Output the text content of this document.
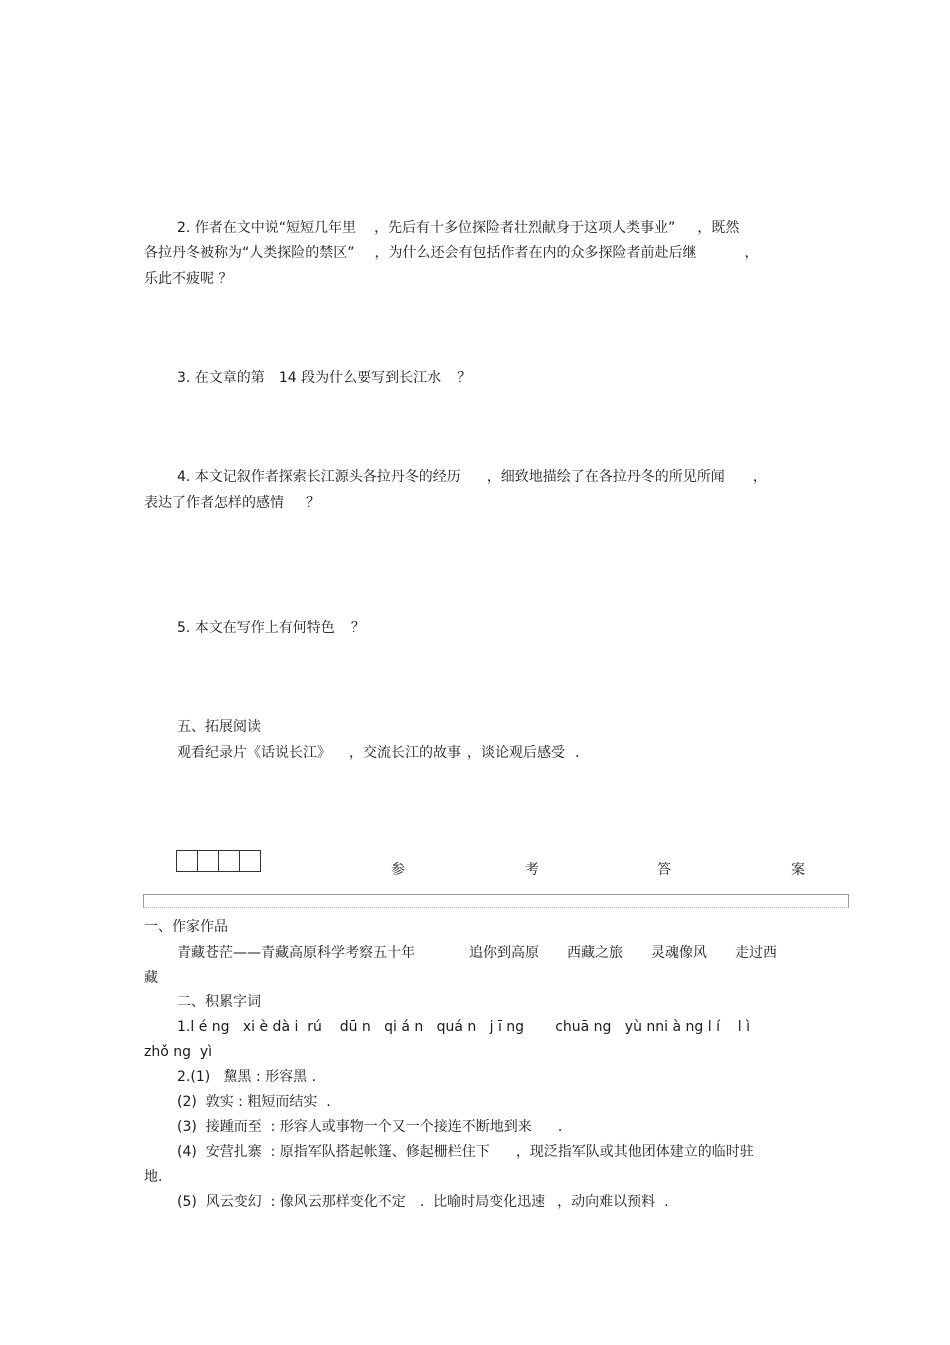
2. 作者在文中说“短短几年里 ，先后有十多位探险者壮烈献身于这项人类事业” ，既然

各拉丹冬被称为“人类探险的禁区” ，为什么还会有包括作者在内的众多探险者前赴后继	，

乐此不疲呢 ？

3. 在文章的第 14 段为什么要写到长江水 ？

4. 本文记叙作者探索长江源头各拉丹冬的经历 ，细致地描绘了在各拉丹冬的所见所闻 ，

表达了作者怎样的感情 ？

5. 本文在写作上有何特色 ？

五、拓展阅读

观看纪录片《话说长江》 ，交流长江的故事 ，谈论观后感受 .

参	考	答	案

一、作家作品

青藏苍茫——青藏高原科学考察五十年	追你到高原 西藏之旅 灵魂像风 走过西

藏

二、积累字词

1.l é ng   xi è dà i  rú    dū n   qi á n   quá n   j ī ng       chuā ng   yù nni à ng l í    l ì

zhǒ ng  yì

2.(1)   黧黑 : 形容黑 .

(2)  敦实 : 粗短而结实  .

(3)  接踵而至  : 形容人或事物一个又一个接连不断地到来 .

(4)  安营扎寨  : 原指军队搭起帐篷、修起栅栏住下 ，现泛指军队或其他团体建立的临时驻

地.

(5)  风云变幻  : 像风云那样变化不定 .  比喻时局变化迅速 ，动向难以预料  .
